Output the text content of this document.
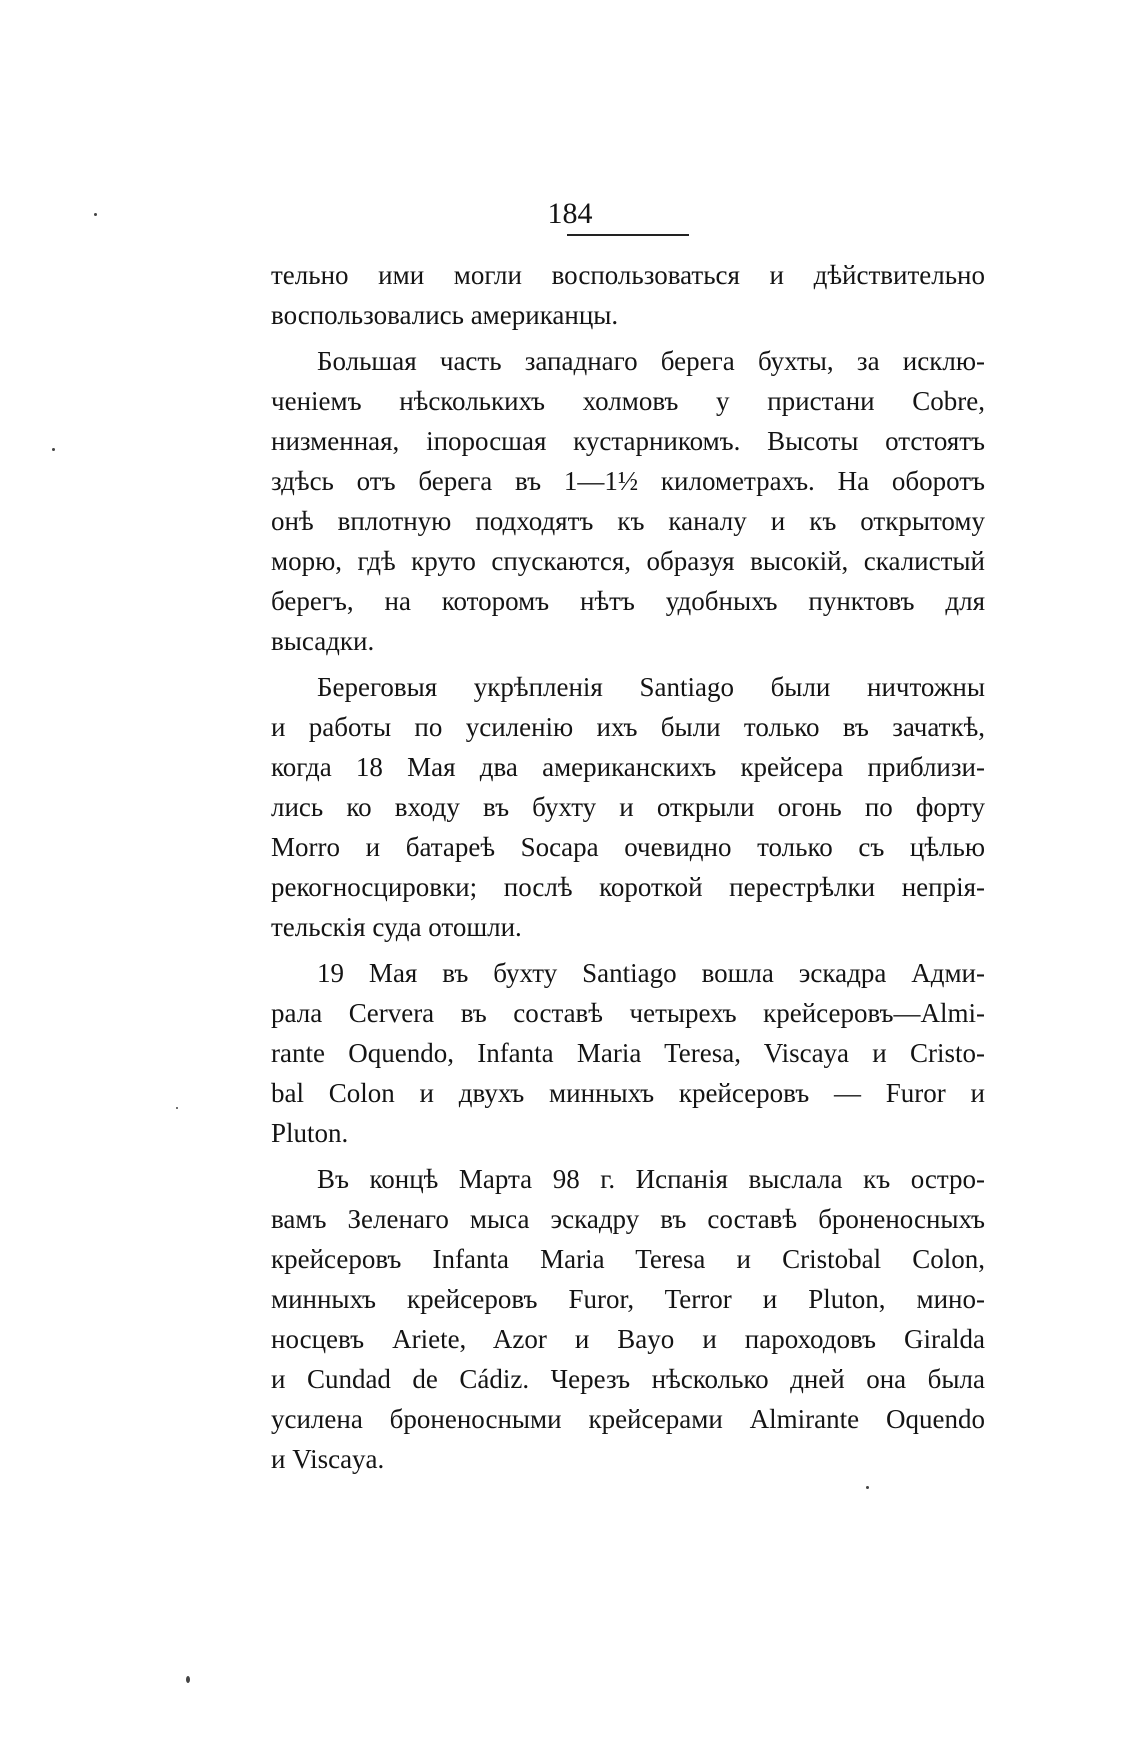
184
тельно ими могли воспользоваться и дѣйствительно
воспользовались американцы.
Большая часть западнаго берега бухты, за исклю-
ченіемъ нѣсколькихъ холмовъ у пристани Cobre,
низменная, іпоросшая кустарникомъ. Высоты отстоятъ
здѣсь отъ берега въ 1—1½ километрахъ. На оборотъ
онѣ вплотную подходятъ къ каналу и къ открытому
морю, гдѣ круто спускаются, образуя высокій, скалистый
берегъ, на которомъ нѣтъ удобныхъ пунктовъ для
высадки.
Береговыя укрѣпленія Santiago были ничтожны
и работы по усиленію ихъ были только въ зачаткѣ,
когда 18 Мая два американскихъ крейсера приблизи-
лись ко входу въ бухту и открыли огонь по форту
Morro и батареѣ Socapa очевидно только съ цѣлью
рекогносцировки; послѣ короткой перестрѣлки непрія-
тельскія суда отошли.
19 Мая въ бухту Santiago вошла эскадра Адми-
рала Cervera въ составѣ четырехъ крейсеровъ—Almi-
rante Oquendo, Infanta Maria Teresa, Viscaya и Cristo-
bal Colon и двухъ минныхъ крейсеровъ — Furor и
Pluton.
Въ концѣ Марта 98 г. Испанія выслала къ остро-
вамъ Зеленаго мыса эскадру въ составѣ броненосныхъ
крейсеровъ Infanta Maria Teresa и Cristobal Colon,
минныхъ крейсеровъ Furor, Terror и Pluton, мино-
носцевъ Ariete, Azor и Bayo и пароходовъ Giralda
и Cundad de Cádiz. Черезъ нѣсколько дней она была
усилена броненосными крейсерами Almirante Oquendo
и Viscaya.
